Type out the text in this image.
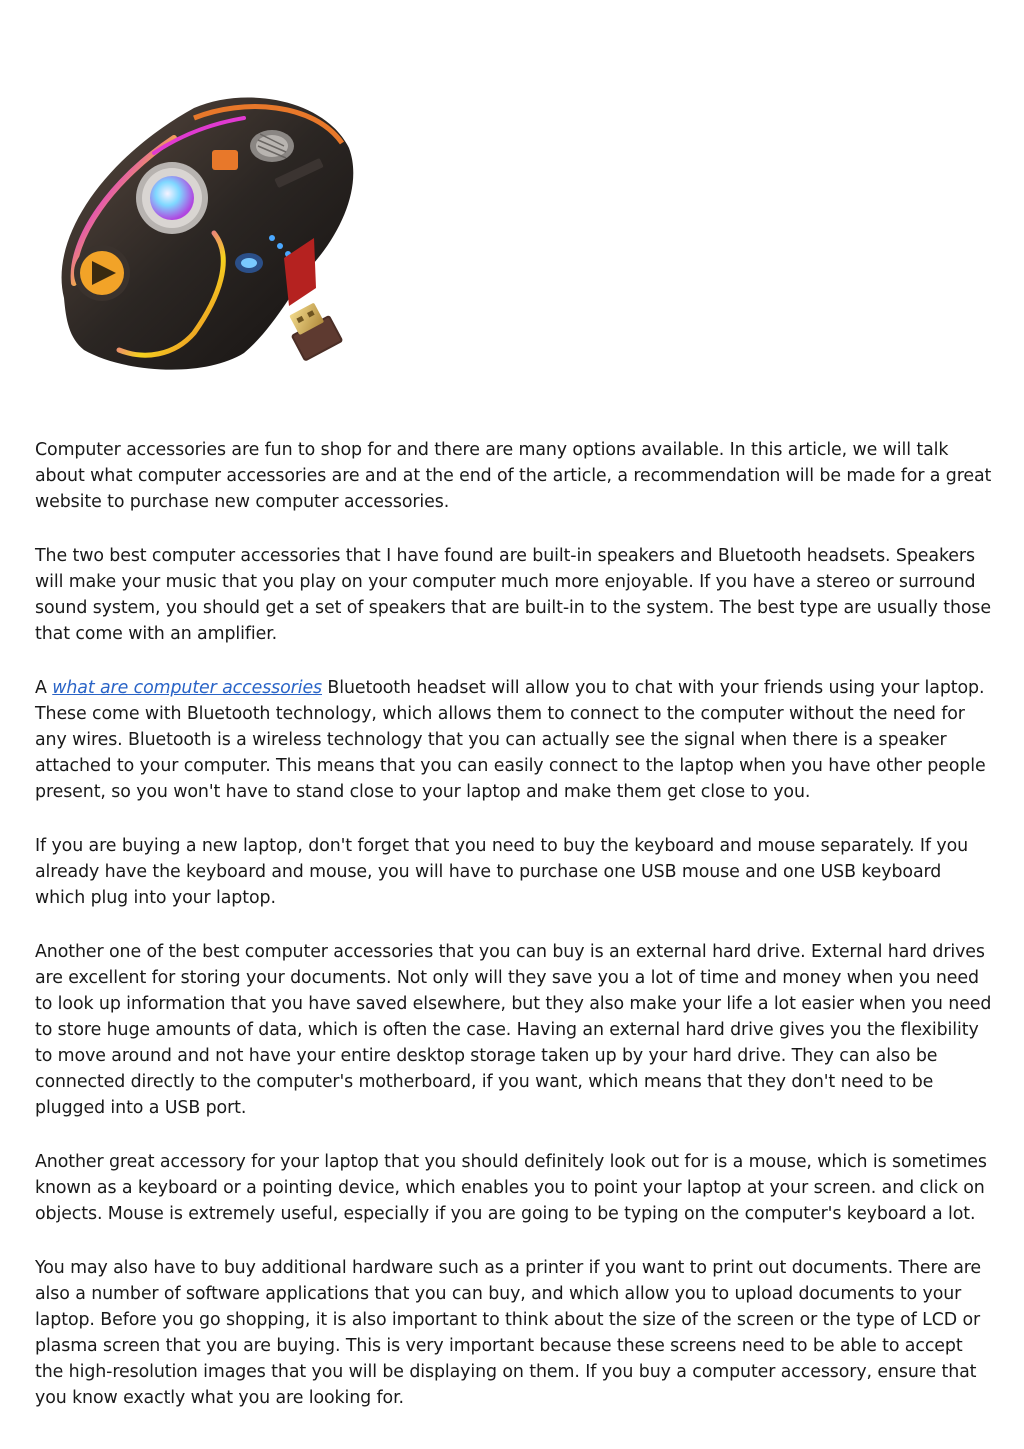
Computer accessories are fun to shop for and there are many options available. In this article, we will talk about what computer accessories are and at the end of the article, a recommendation will be made for a great website to purchase new computer accessories.

The two best computer accessories that I have found are built-in speakers and Bluetooth headsets. Speakers will make your music that you play on your computer much more enjoyable. If you have a stereo or surround sound system, you should get a set of speakers that are built-in to the system. The best type are usually those that come with an amplifier.

A what are computer accessories Bluetooth headset will allow you to chat with your friends using your laptop. These come with Bluetooth technology, which allows them to connect to the computer without the need for any wires. Bluetooth is a wireless technology that you can actually see the signal when there is a speaker attached to your computer. This means that you can easily connect to the laptop when you have other people present, so you won't have to stand close to your laptop and make them get close to you.

If you are buying a new laptop, don't forget that you need to buy the keyboard and mouse separately. If you already have the keyboard and mouse, you will have to purchase one USB mouse and one USB keyboard which plug into your laptop.

Another one of the best computer accessories that you can buy is an external hard drive. External hard drives are excellent for storing your documents. Not only will they save you a lot of time and money when you need to look up information that you have saved elsewhere, but they also make your life a lot easier when you need to store huge amounts of data, which is often the case. Having an external hard drive gives you the flexibility to move around and not have your entire desktop storage taken up by your hard drive. They can also be connected directly to the computer's motherboard, if you want, which means that they don't need to be plugged into a USB port.

Another great accessory for your laptop that you should definitely look out for is a mouse, which is sometimes known as a keyboard or a pointing device, which enables you to point your laptop at your screen. and click on objects. Mouse is extremely useful, especially if you are going to be typing on the computer's keyboard a lot.

You may also have to buy additional hardware such as a printer if you want to print out documents. There are also a number of software applications that you can buy, and which allow you to upload documents to your laptop. Before you go shopping, it is also important to think about the size of the screen or the type of LCD or plasma screen that you are buying. This is very important because these screens need to be able to accept the high-resolution images that you will be displaying on them. If you buy a computer accessory, ensure that you know exactly what you are looking for.
